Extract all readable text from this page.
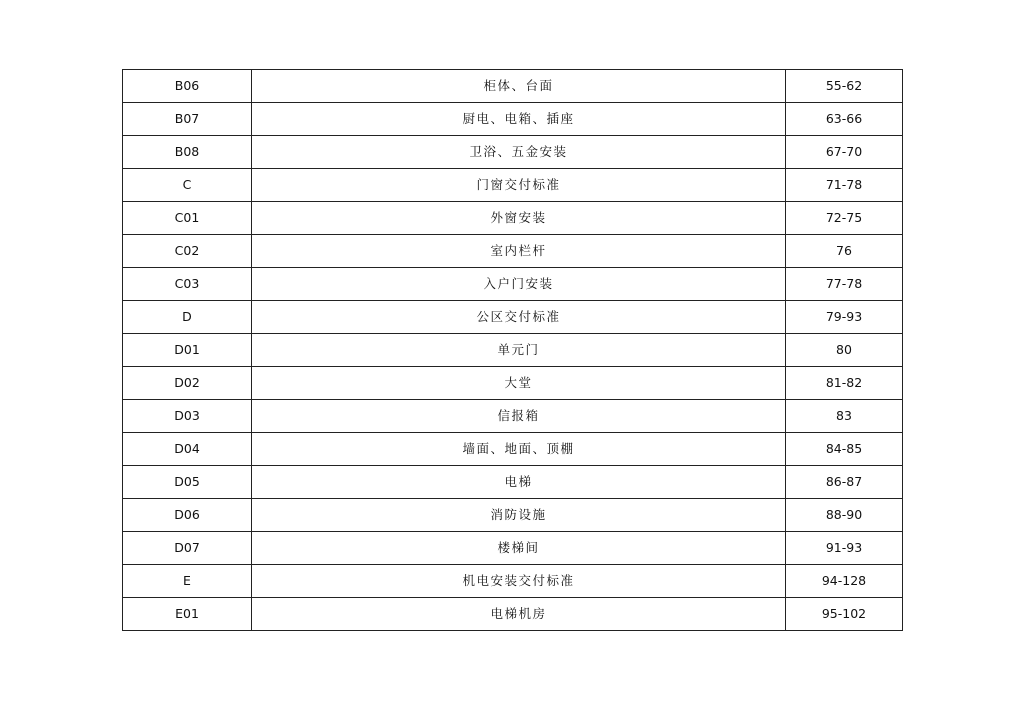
B06	柜体、台面	55-62
B07	厨电、电箱、插座	63-66
B08	卫浴、五金安装	67-70
C	门窗交付标准	71-78
C01	外窗安装	72-75
C02	室内栏杆	76
C03	入户门安装	77-78
D	公区交付标准	79-93
D01	单元门	80
D02	大堂	81-82
D03	信报箱	83
D04	墙面、地面、顶棚	84-85
D05	电梯	86-87
D06	消防设施	88-90
D07	楼梯间	91-93
E	机电安装交付标准	94-128
E01	电梯机房	95-102
